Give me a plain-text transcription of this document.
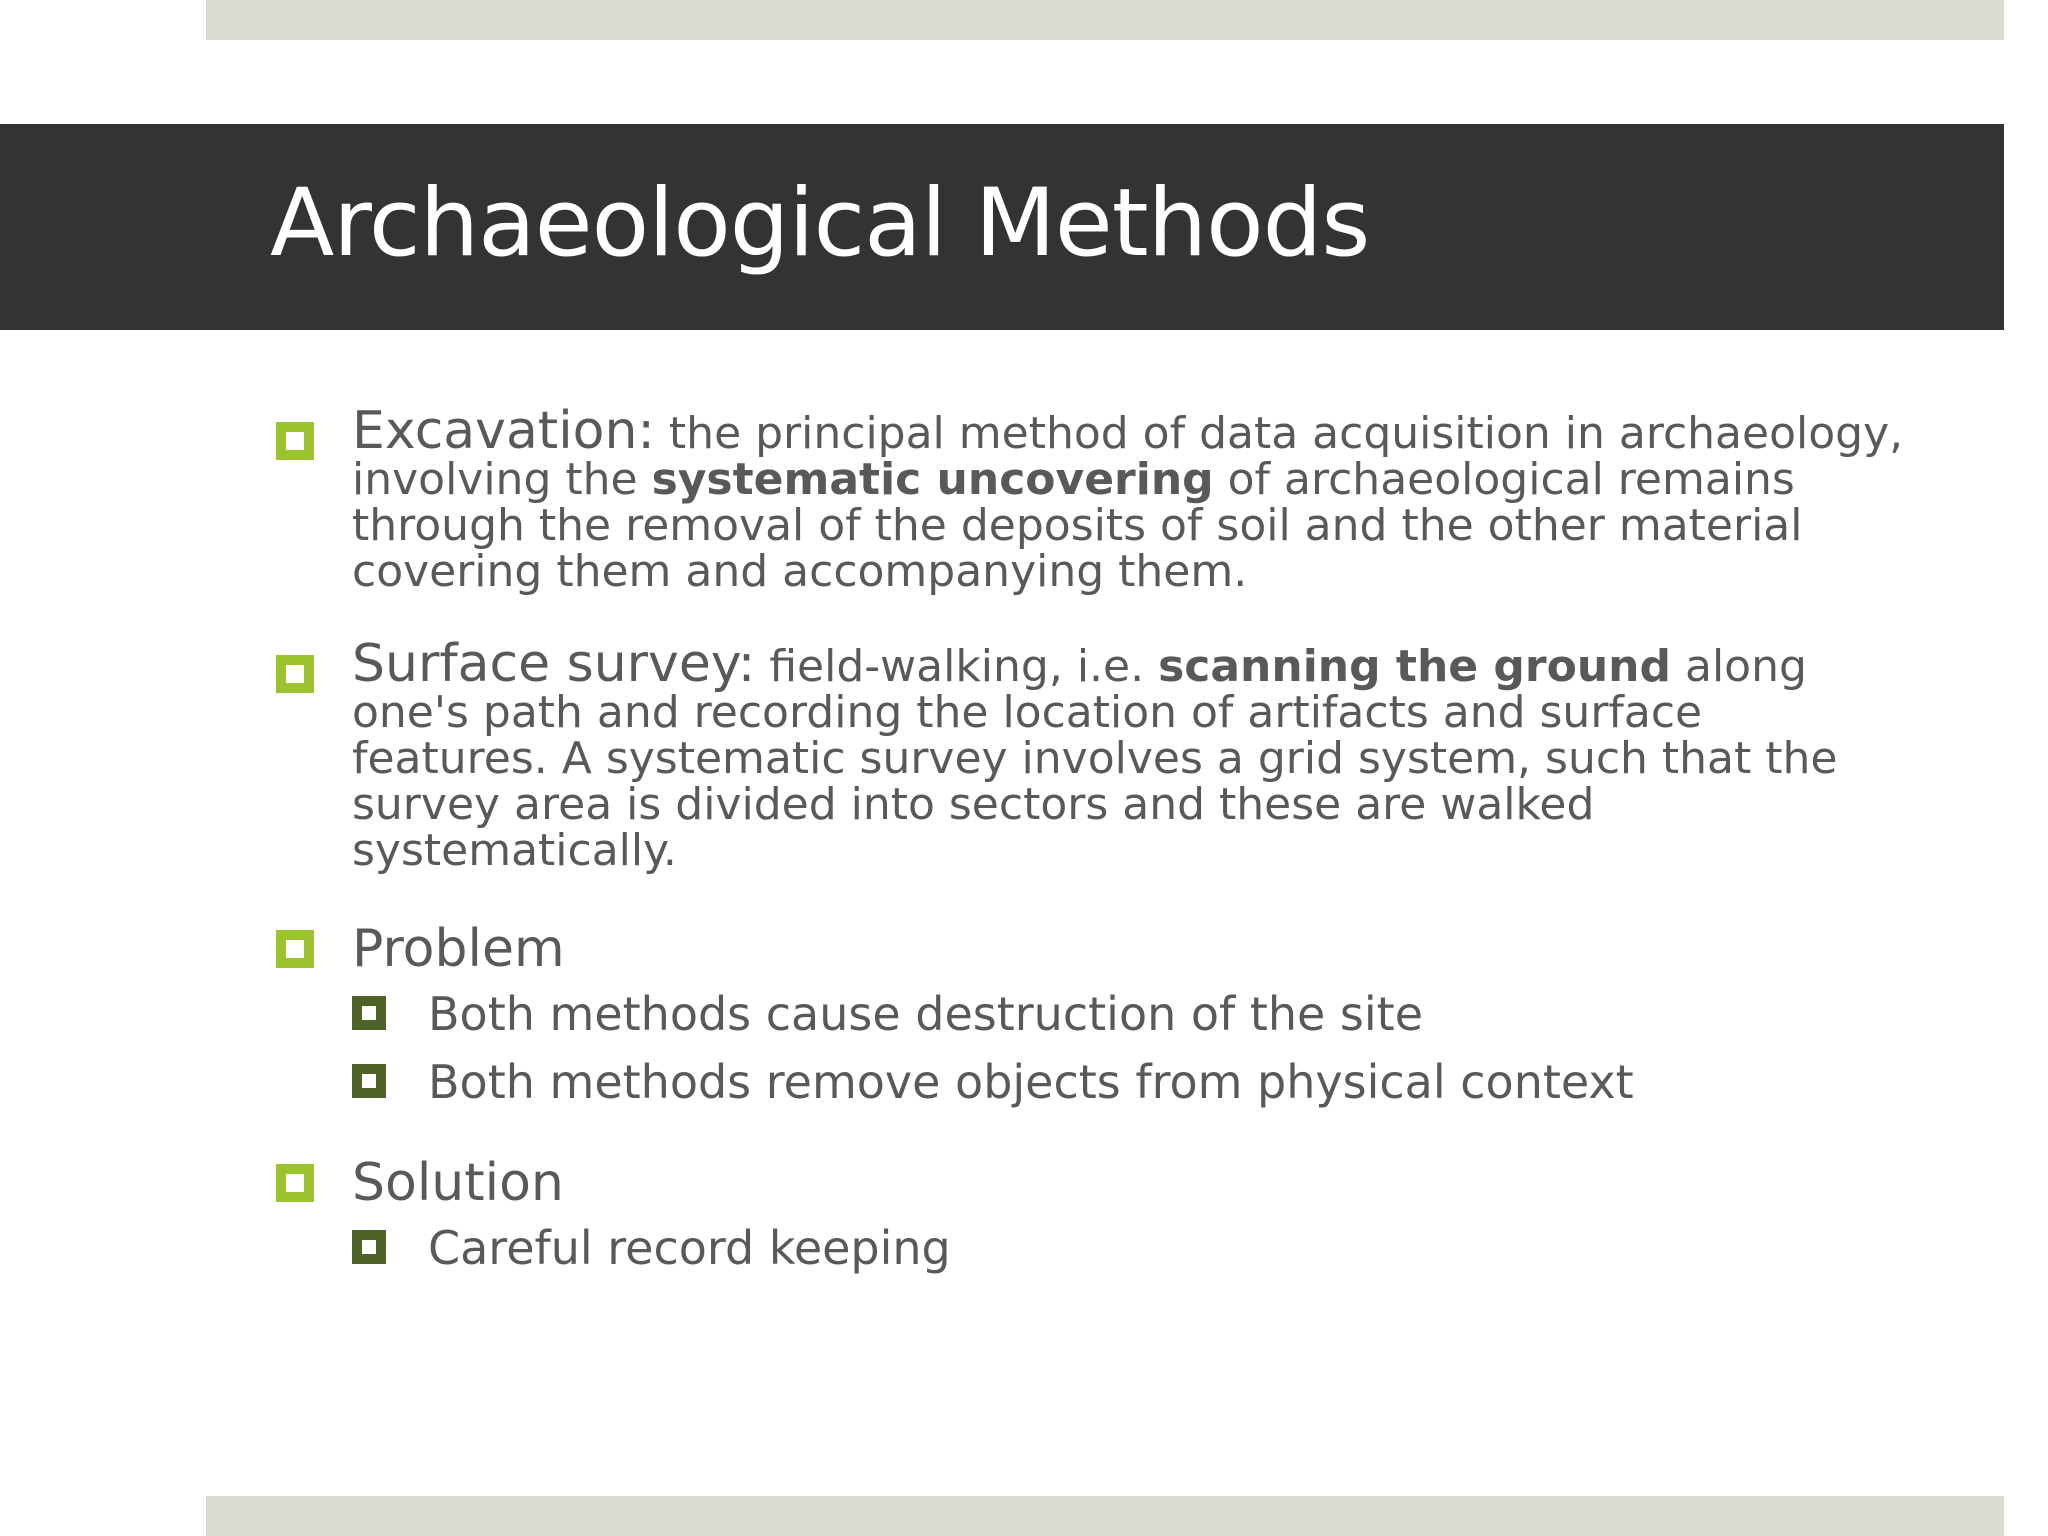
Archaeological Methods
Excavation: the principal method of data acquisition in archaeology, involving the systematic uncovering of archaeological remains through the removal of the deposits of soil and the other material covering them and accompanying them.
Surface survey: field-walking, i.e. scanning the ground along one's path and recording the location of artifacts and surface features. A systematic survey involves a grid system, such that the survey area is divided into sectors and these are walked systematically.
Problem
Both methods cause destruction of the site
Both methods remove objects from physical context
Solution
Careful record keeping
